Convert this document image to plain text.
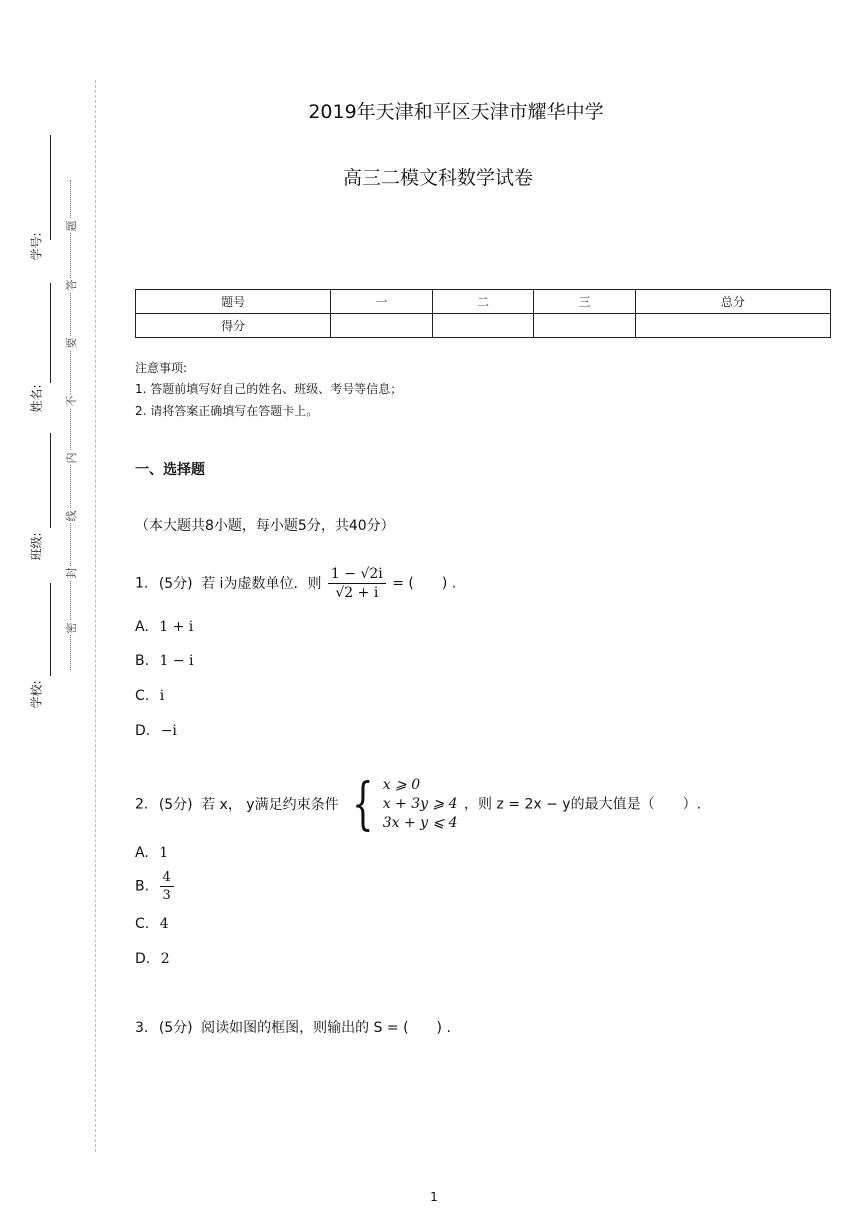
学号:
姓名:
班级:
学校:
题
答
要
不
内
线
封
密
2019年天津和平区天津市耀华中学
高三二模文科数学试卷
题号	一	二	三	总分
得分				
注意事项:
1. 答题前填写好自己的姓名、班级、考号等信息；
2. 请将答案正确填写在答题卡上。
一、选择题
（本大题共8小题，每小题5分，共40分）
1. (5分) 若 i为虚数单位．则 $\frac{1 - √2i}{√2 + i}$ = (　　) .
A. 1 + i
B. 1 − i
C. i
D. −i
2. (5分) 若 x， y满足约束条件 { x ⩾ 0
x + 3y ⩾ 4
3x + y ⩽ 4
，则 z = 2x − y的最大值是（　　）.
A. 1
B. $\frac{4}{3}$
C. 4
D. 2
3. (5分) 阅读如图的框图，则输出的 S = (　　) .
1
